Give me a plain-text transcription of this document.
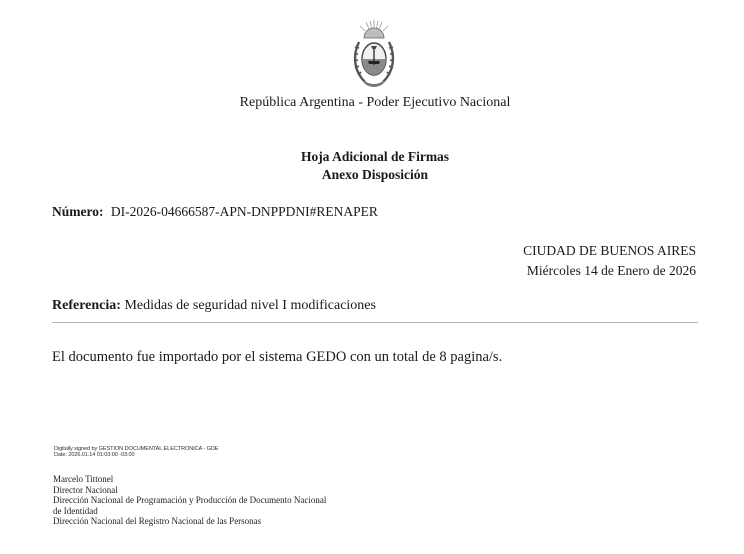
República Argentina - Poder Ejecutivo Nacional
Hoja Adicional de Firmas
Anexo Disposición
Número: DI-2026-04666587-APN-DNPPDNI#RENAPER
CIUDAD DE BUENOS AIRES
Miércoles 14 de Enero de 2026
Referencia: Medidas de seguridad nivel I modificaciones
El documento fue importado por el sistema GEDO con un total de 8 pagina/s.
Digitally signed by GESTION DOCUMENTAL ELECTRONICA - GDE
Date: 2026.01.14 01:03:00 -03:00
Marcelo Tittonel
Director Nacional
Dirección Nacional de Programación y Producción de Documento Nacional
de Identidad
Dirección Nacional del Registro Nacional de las Personas
